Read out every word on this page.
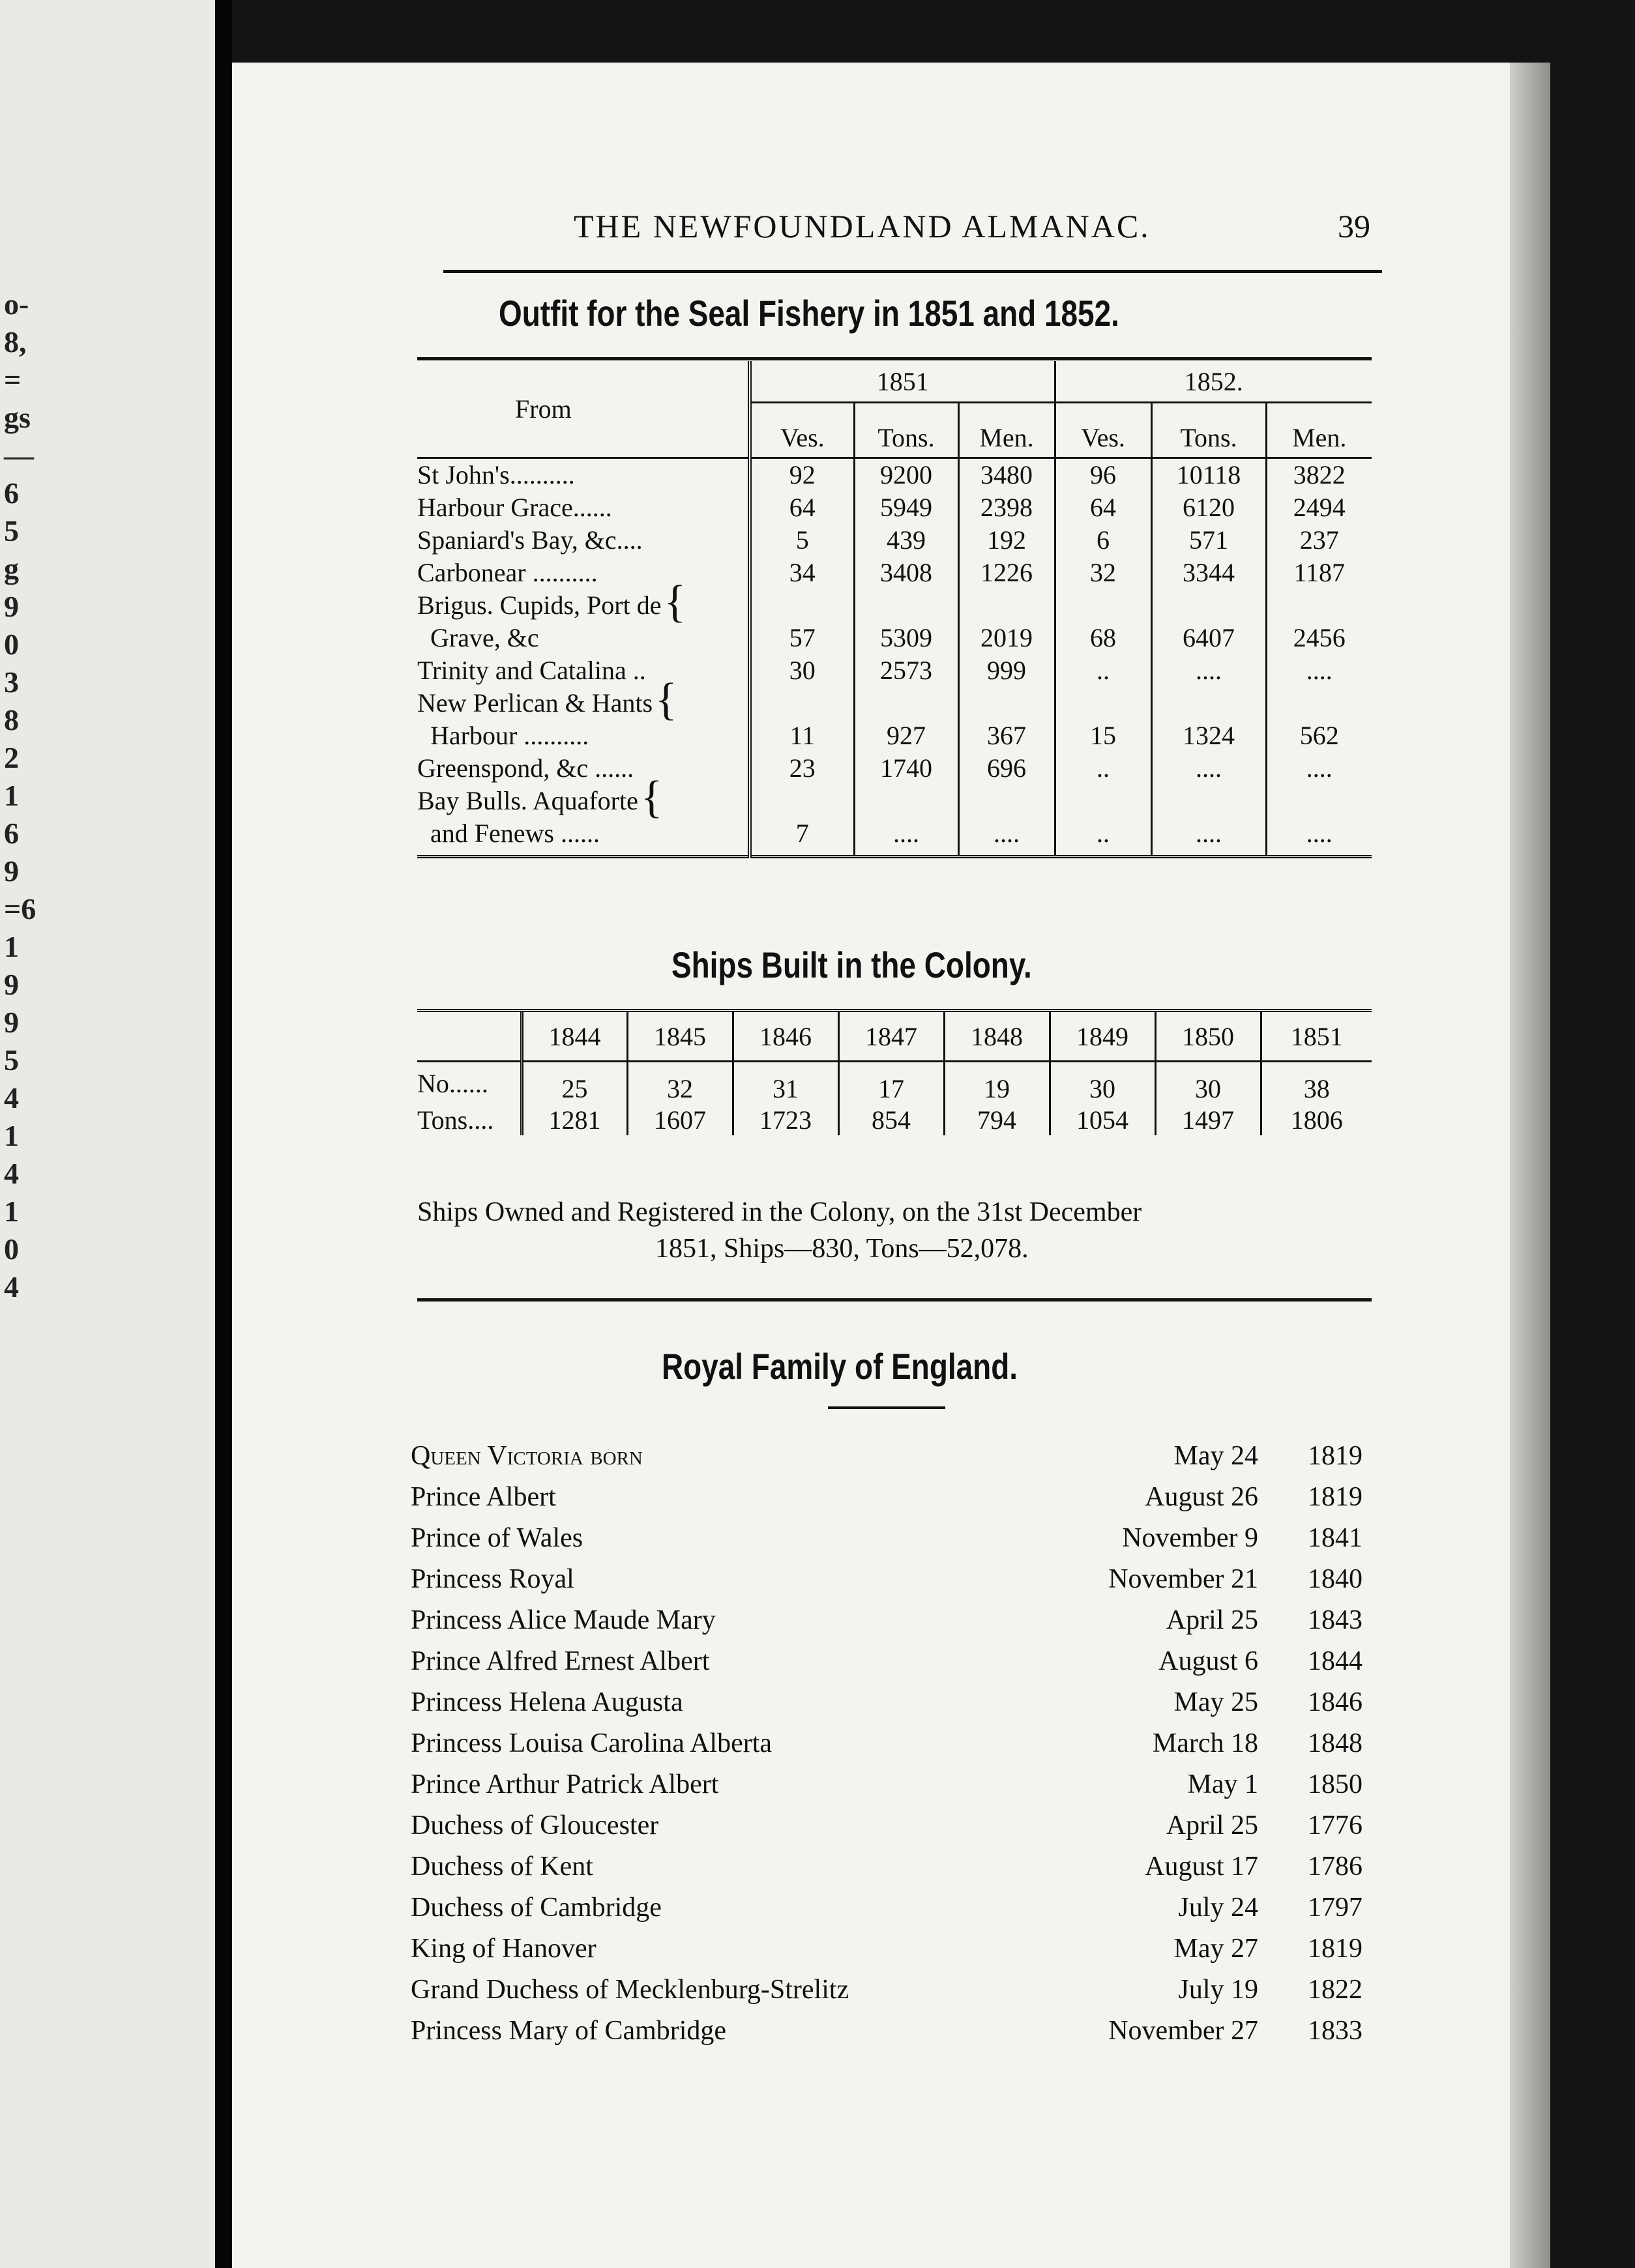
o-
8,
=
gs
—
6
5
g
9
0
3
8
2
1
6
9
=6
1
9
9
5
4
1
4
1
0
4
THE NEWFOUNDLAND ALMANAC.	39
Outfit for the Seal Fishery in 1851 and 1852.
From	1851			1852.		
	Ves.	Tons.	Men.	Ves.	Tons.	Men.
St John's..........	92	9200	3480	96	10118	3822
Harbour Grace......	64	5949	2398	64	6120	2494
Spaniard's Bay, &c....	5	439	192	6	571	237
Carbonear ..........	34	3408	1226	32	3344	1187
Brigus. Cupids, Port de {						

Grave, &c	57	5309	2019	68	6407	2456
Trinity and Catalina ..	30	2573	999	..	....	....
New Perlican & Hants {						

Harbour ..........	11	927	367	15	1324	562
Greenspond, &c ......	23	1740	696	..	....	....
Bay Bulls. Aquaforte {						

and Fenews ......	7	....	....	..	....	....

Ships Built in the Colony.
	1844	1845	1846	1847	1848	1849	1850	1851
No......	25	32	31	17	19	30	30	38
Tons....	1281	1607	1723	854	794	1054	1497	1806
Ships Owned and Registered in the Colony, on the 31st December
1851, Ships—830, Tons—52,078.
Royal Family of England.
Queen Victoria born	May 24	1819
Prince Albert	August 26	1819
Prince of Wales	November 9	1841
Princess Royal	November 21	1840
Princess Alice Maude Mary	April 25	1843
Prince Alfred Ernest Albert	August 6	1844
Princess Helena Augusta	May 25	1846
Princess Louisa Carolina Alberta	March 18	1848
Prince Arthur Patrick Albert	May 1	1850
Duchess of Gloucester	April 25	1776
Duchess of Kent	August 17	1786
Duchess of Cambridge	July 24	1797
King of Hanover	May 27	1819
Grand Duchess of Mecklenburg-Strelitz	July 19	1822
Princess Mary of Cambridge	November 27	1833
